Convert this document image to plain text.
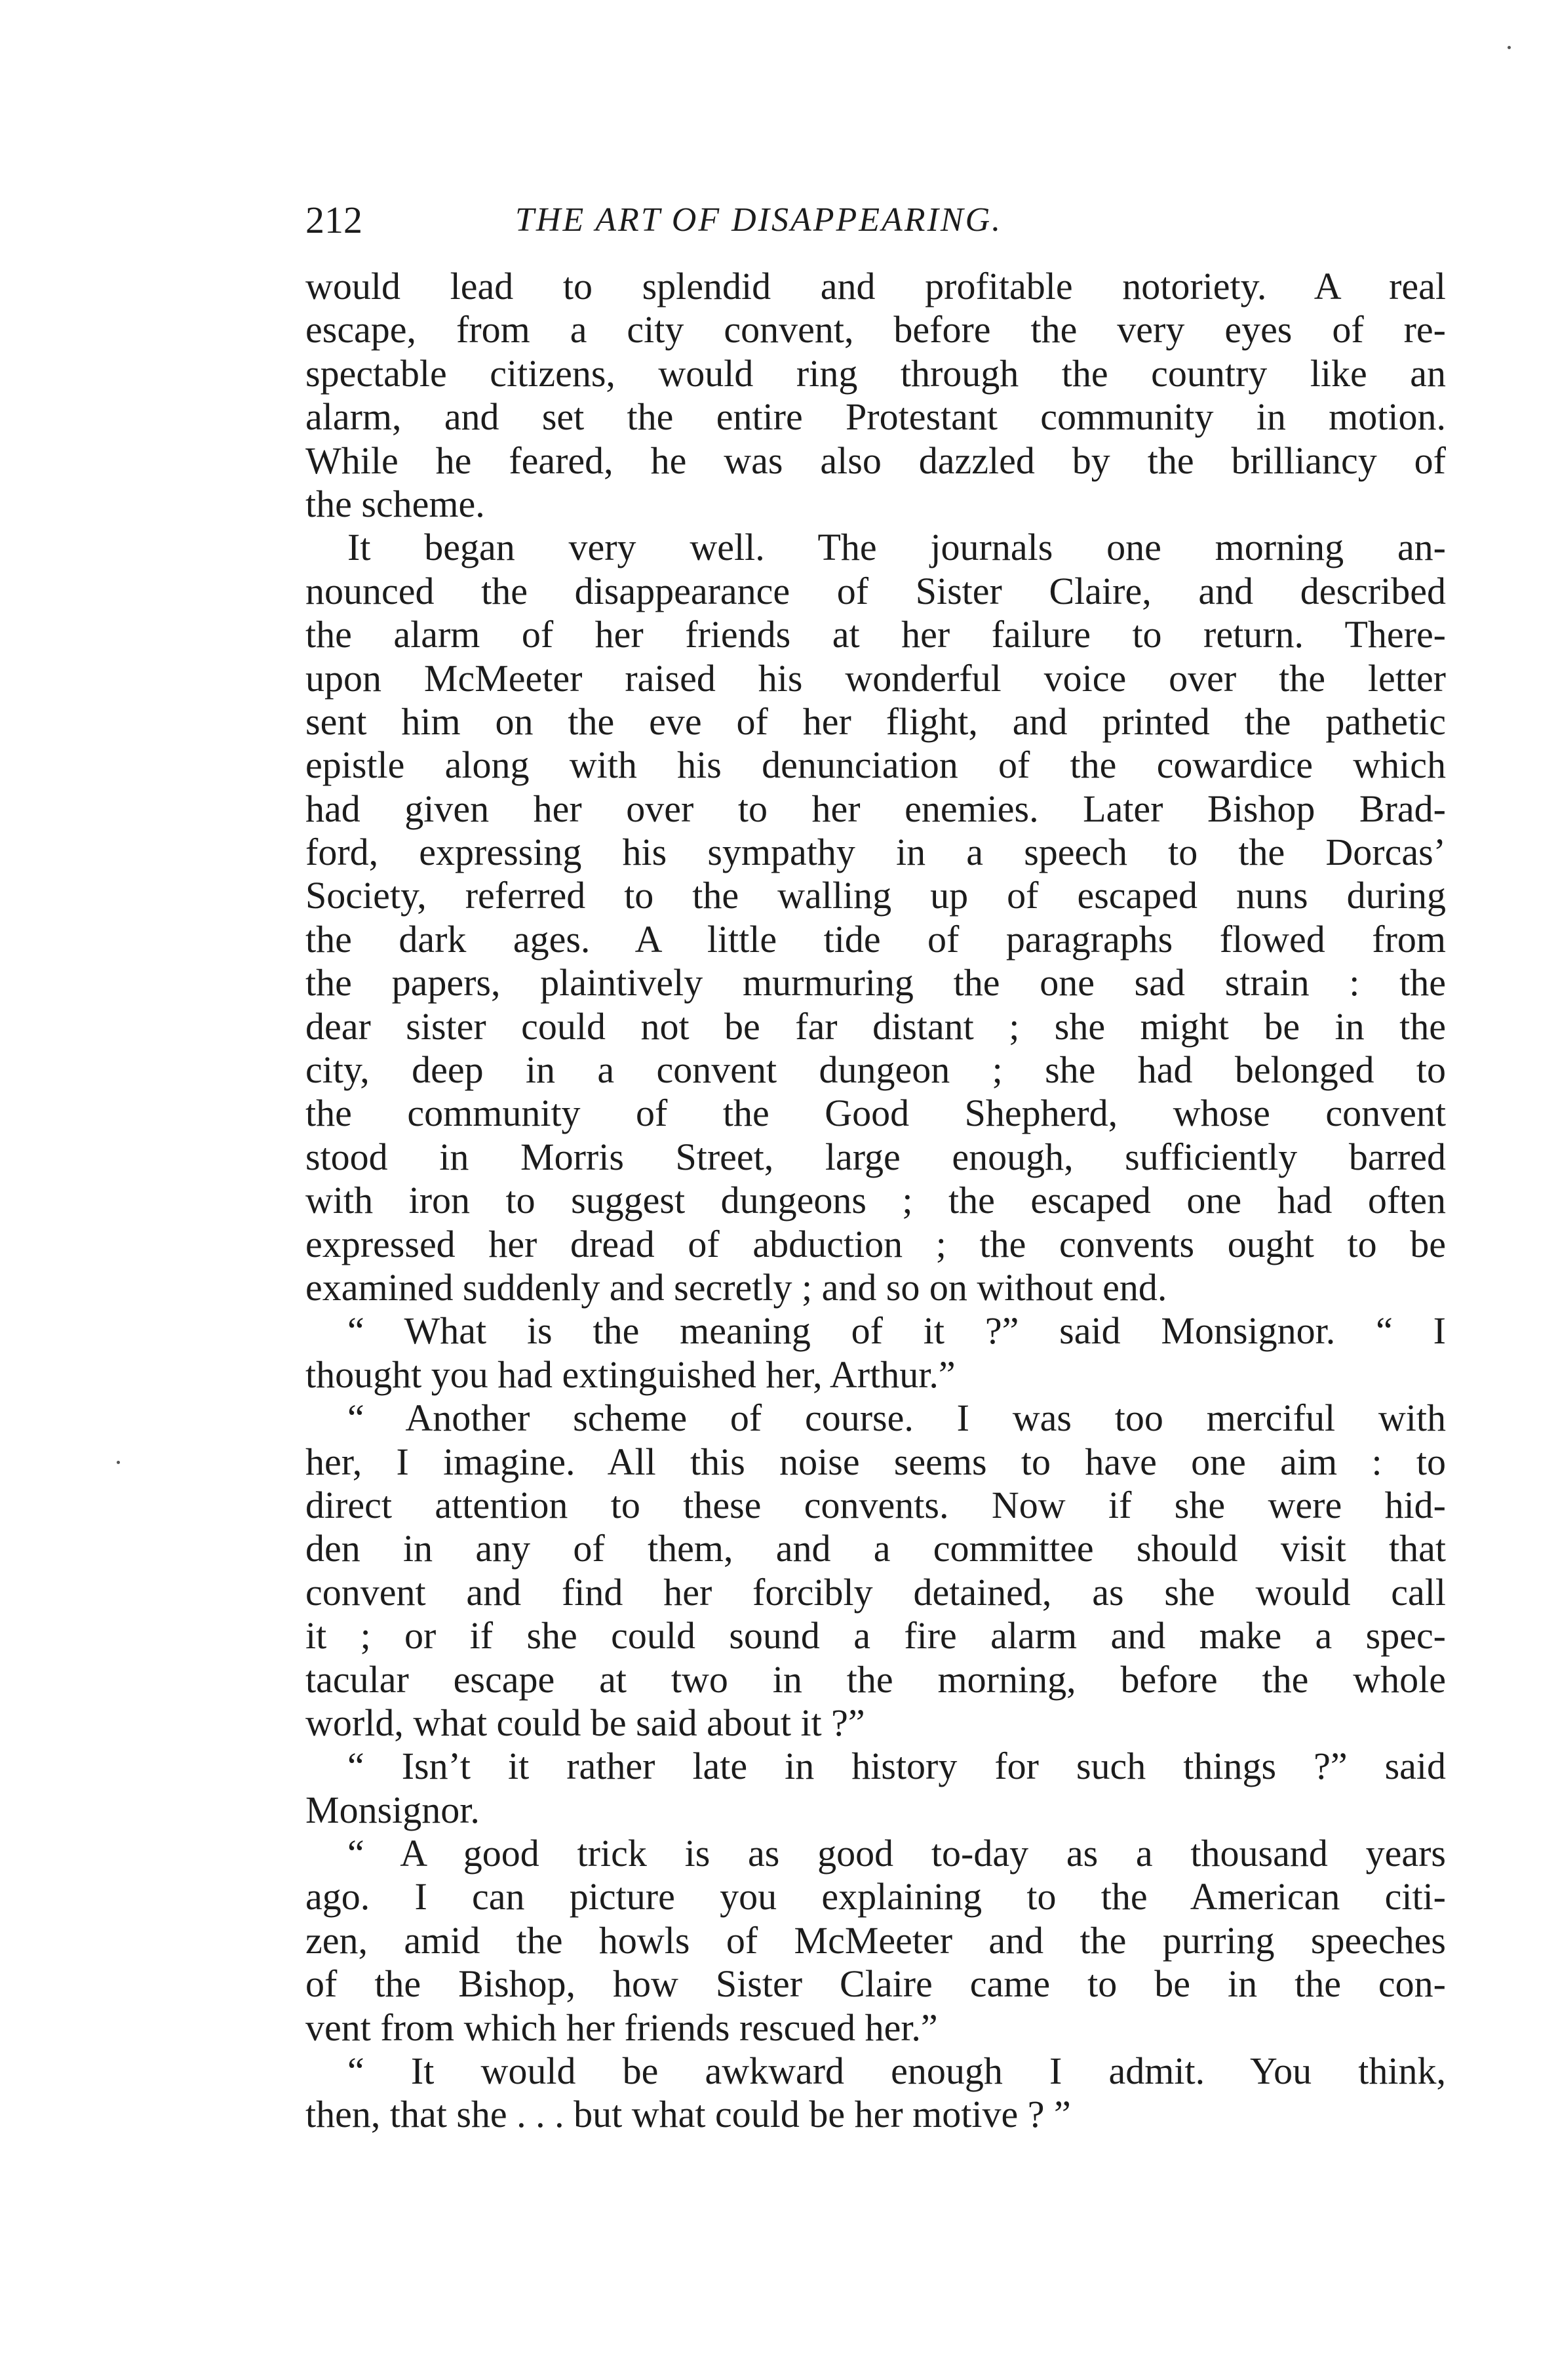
212	THE ART OF DISAPPEARING.
would lead to splendid and profitable notoriety. A real
escape, from a city convent, before the very eyes of re-
spectable citizens, would ring through the country like an
alarm, and set the entire Protestant community in motion.
While he feared, he was also dazzled by the brilliancy of
the scheme.
It began very well. The journals one morning an-
nounced the disappearance of Sister Claire, and described
the alarm of her friends at her failure to return. There-
upon McMeeter raised his wonderful voice over the letter
sent him on the eve of her flight, and printed the pathetic
epistle along with his denunciation of the cowardice which
had given her over to her enemies. Later Bishop Brad-
ford, expressing his sympathy in a speech to the Dorcas’
Society, referred to the walling up of escaped nuns during
the dark ages. A little tide of paragraphs flowed from
the papers, plaintively murmuring the one sad strain : the
dear sister could not be far distant ; she might be in the
city, deep in a convent dungeon ; she had belonged to
the community of the Good Shepherd, whose convent
stood in Morris Street, large enough, sufficiently barred
with iron to suggest dungeons ; the escaped one had often
expressed her dread of abduction ; the convents ought to be
examined suddenly and secretly ; and so on without end.
“ What is the meaning of it ?” said Monsignor. “ I
thought you had extinguished her, Arthur.”
“ Another scheme of course. I was too merciful with
her, I imagine. All this noise seems to have one aim : to
direct attention to these convents. Now if she were hid-
den in any of them, and a committee should visit that
convent and find her forcibly detained, as she would call
it ; or if she could sound a fire alarm and make a spec-
tacular escape at two in the morning, before the whole
world, what could be said about it ?”
“ Isn’t it rather late in history for such things ?” said
Monsignor.
“ A good trick is as good to-day as a thousand years
ago. I can picture you explaining to the American citi-
zen, amid the howls of McMeeter and the purring speeches
of the Bishop, how Sister Claire came to be in the con-
vent from which her friends rescued her.”
“ It would be awkward enough I admit. You think,
then, that she . . . but what could be her motive ? ”
